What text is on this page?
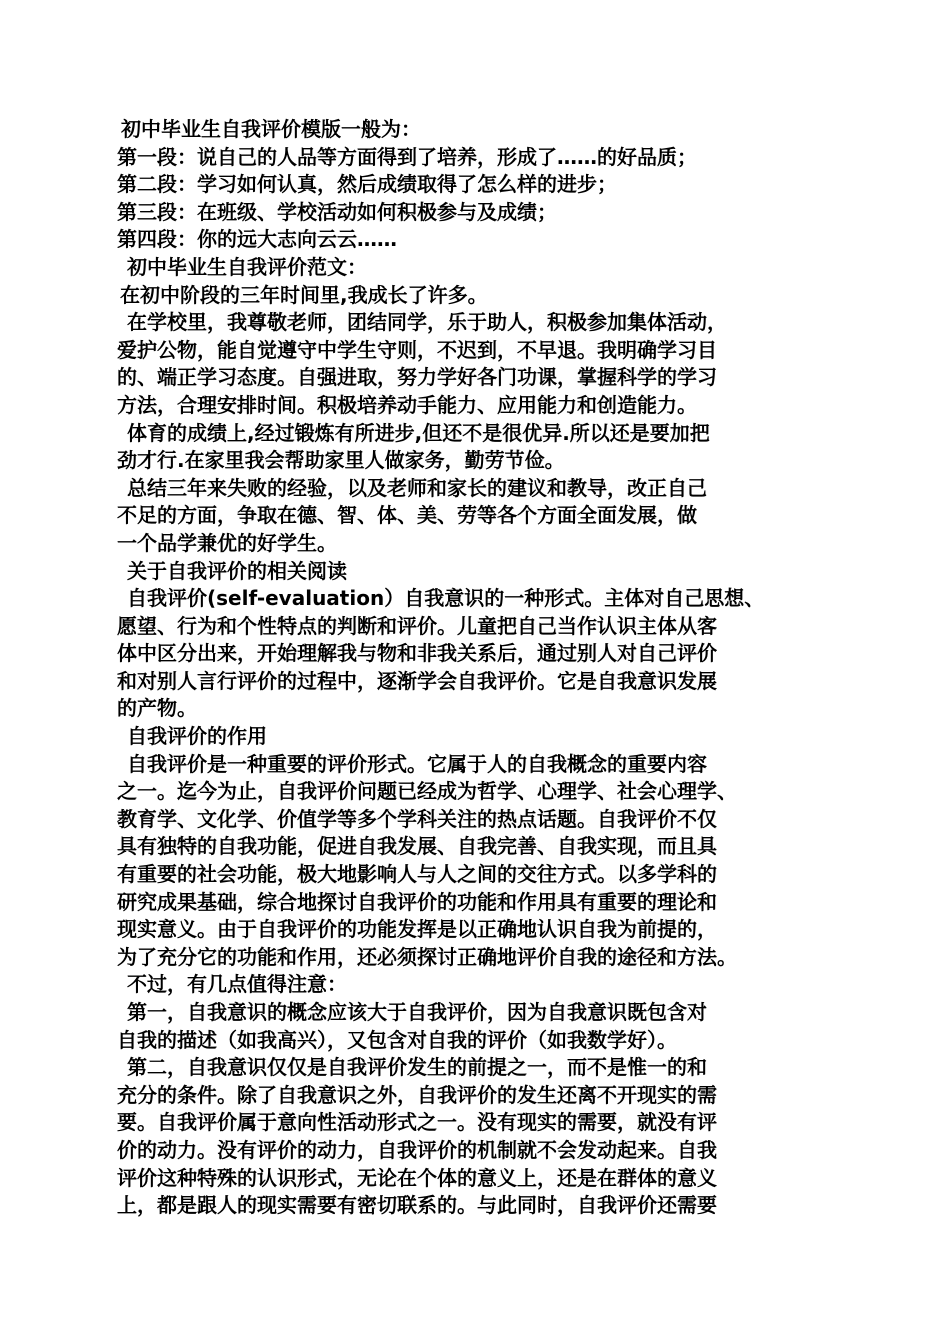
初中毕业生自我评价模版一般为：
第一段：说自己的人品等方面得到了培养，形成了……的好品质；
第二段：学习如何认真，然后成绩取得了怎么样的进步；
第三段：在班级、学校活动如何积极参与及成绩；
第四段：你的远大志向云云……
初中毕业生自我评价范文：
在初中阶段的三年时间里,我成长了许多。
在学校里，我尊敬老师，团结同学，乐于助人，积极参加集体活动，
爱护公物，能自觉遵守中学生守则，不迟到，不早退。我明确学习目
的、端正学习态度。自强进取，努力学好各门功课，掌握科学的学习
方法，合理安排时间。积极培养动手能力、应用能力和创造能力。
体育的成绩上,经过锻炼有所进步,但还不是很优异.所以还是要加把
劲才行.在家里我会帮助家里人做家务，勤劳节俭。
总结三年来失败的经验，以及老师和家长的建议和教导，改正自己
不足的方面，争取在德、智、体、美、劳等各个方面全面发展，做
一个品学兼优的好学生。
关于自我评价的相关阅读
自我评价(self-evaluation）自我意识的一种形式。主体对自己思想、
愿望、行为和个性特点的判断和评价。儿童把自己当作认识主体从客
体中区分出来，开始理解我与物和非我关系后，通过别人对自己评价
和对别人言行评价的过程中，逐渐学会自我评价。它是自我意识发展
的产物。
自我评价的作用
自我评价是一种重要的评价形式。它属于人的自我概念的重要内容
之一。迄今为止，自我评价问题已经成为哲学、心理学、社会心理学、
教育学、文化学、价值学等多个学科关注的热点话题。自我评价不仅
具有独特的自我功能，促进自我发展、自我完善、自我实现，而且具
有重要的社会功能，极大地影响人与人之间的交往方式。以多学科的
研究成果基础，综合地探讨自我评价的功能和作用具有重要的理论和
现实意义。由于自我评价的功能发挥是以正确地认识自我为前提的，
为了充分它的功能和作用，还必须探讨正确地评价自我的途径和方法。
不过，有几点值得注意：
第一，自我意识的概念应该大于自我评价，因为自我意识既包含对
自我的描述（如我高兴），又包含对自我的评价（如我数学好）。
第二，自我意识仅仅是自我评价发生的前提之一，而不是惟一的和
充分的条件。除了自我意识之外，自我评价的发生还离不开现实的需
要。自我评价属于意向性活动形式之一。没有现实的需要，就没有评
价的动力。没有评价的动力，自我评价的机制就不会发动起来。自我
评价这种特殊的认识形式，无论在个体的意义上，还是在群体的意义
上，都是跟人的现实需要有密切联系的。与此同时，自我评价还需要
